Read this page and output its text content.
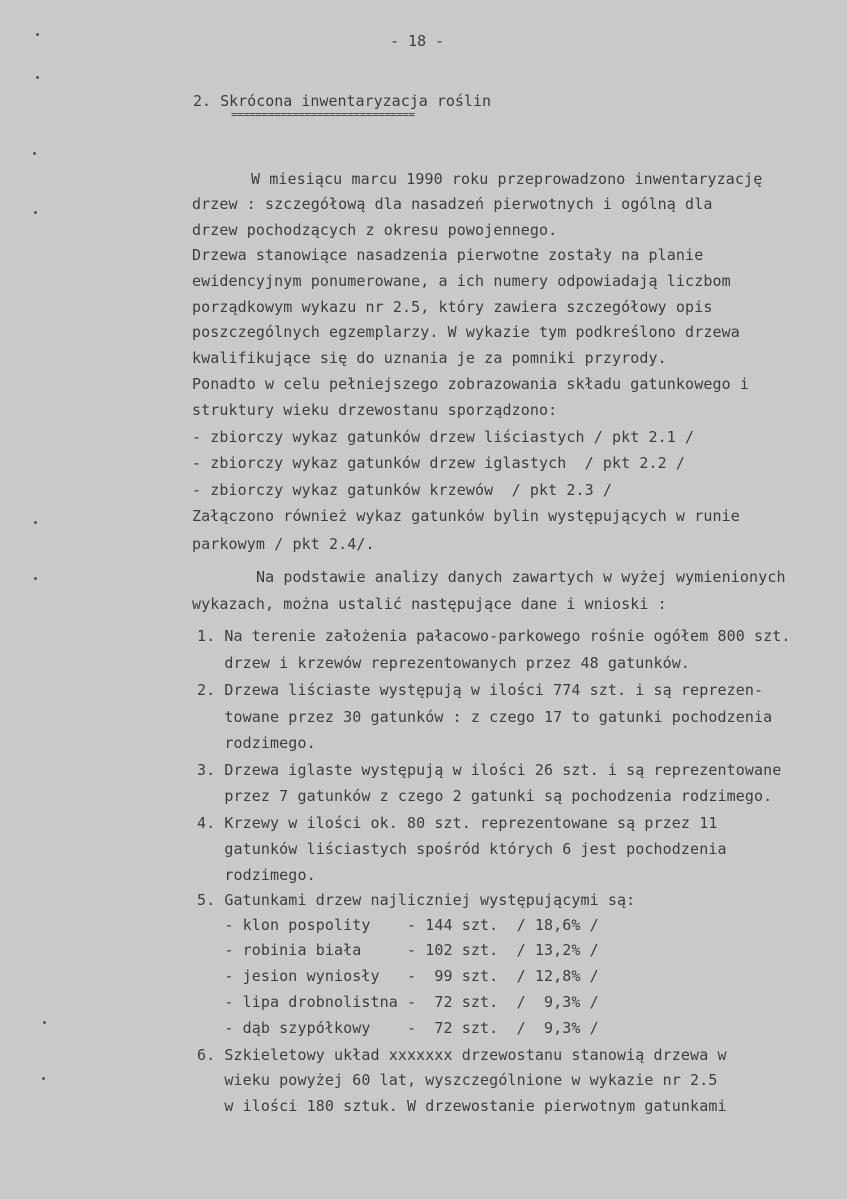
- 18 -
2. Skrócona inwentaryzacja roślin
==============================
W miesiącu marcu 1990 roku przeprowadzono inwentaryzację
drzew : szczegółową dla nasadzeń pierwotnych i ogólną dla
drzew pochodzących z okresu powojennego.
Drzewa stanowiące nasadzenia pierwotne zostały na planie
ewidencyjnym ponumerowane, a ich numery odpowiadają liczbom
porządkowym wykazu nr 2.5, który zawiera szczegółowy opis
poszczególnych egzemplarzy. W wykazie tym podkreślono drzewa
kwalifikujące się do uznania je za pomniki przyrody.
Ponadto w celu pełniejszego zobrazowania składu gatunkowego i
struktury wieku drzewostanu sporządzono:
- zbiorczy wykaz gatunków drzew liściastych / pkt 2.1 /
- zbiorczy wykaz gatunków drzew iglastych  / pkt 2.2 /
- zbiorczy wykaz gatunków krzewów  / pkt 2.3 /
Załączono również wykaz gatunków bylin występujących w runie
parkowym / pkt 2.4/.
Na podstawie analizy danych zawartych w wyżej wymienionych
wykazach, można ustalić następujące dane i wnioski :
1. Na terenie założenia pałacowo-parkowego rośnie ogółem 800 szt.
drzew i krzewów reprezentowanych przez 48 gatunków.
2. Drzewa liściaste występują w ilości 774 szt. i są reprezen-
towane przez 30 gatunków : z czego 17 to gatunki pochodzenia
rodzimego.
3. Drzewa iglaste występują w ilości 26 szt. i są reprezentowane
przez 7 gatunków z czego 2 gatunki są pochodzenia rodzimego.
4. Krzewy w ilości ok. 80 szt. reprezentowane są przez 11
gatunków liściastych spośród których 6 jest pochodzenia
rodzimego.
5. Gatunkami drzew najliczniej występującymi są:
- klon pospolity    - 144 szt.  / 18,6% /
- robinia biała     - 102 szt.  / 13,2% /
- jesion wyniosły   -  99 szt.  / 12,8% /
- lipa drobnolistna -  72 szt.  /  9,3% /
- dąb szypółkowy    -  72 szt.  /  9,3% /
6. Szkieletowy układ xxxxxxx drzewostanu stanowią drzewa w
wieku powyżej 60 lat, wyszczególnione w wykazie nr 2.5
w ilości 180 sztuk. W drzewostanie pierwotnym gatunkami
